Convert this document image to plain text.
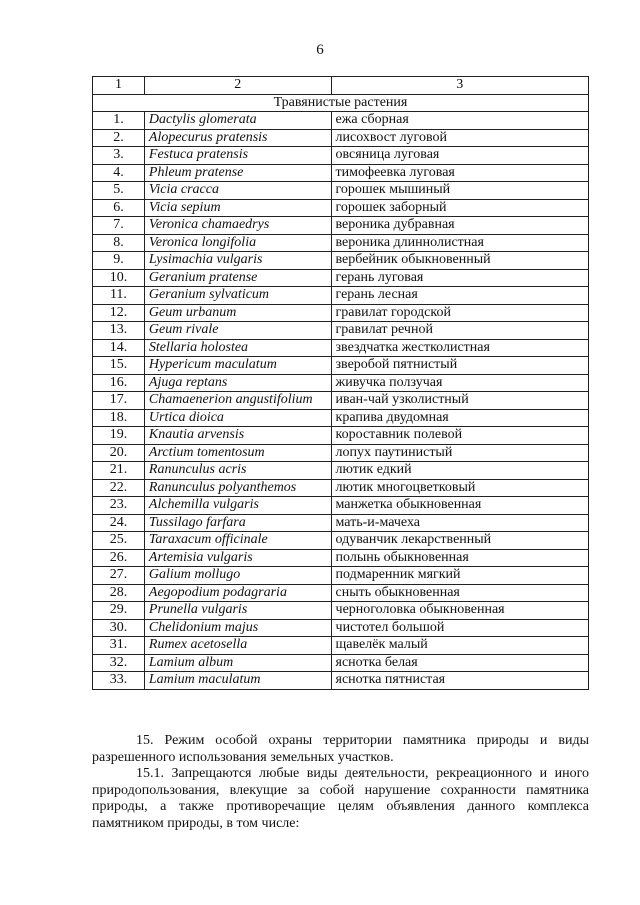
6
1	2	3
Травянистые растения		
1.	Dactylis glomerata	ежа сборная
2.	Alopecurus pratensis	лисохвост луговой
3.	Festuca pratensis	овсяница луговая
4.	Phleum pratense	тимофеевка луговая
5.	Vicia cracca	горошек мышиный
6.	Vicia sepium	горошек заборный
7.	Veronica chamaedrys	вероника дубравная
8.	Veronica longifolia	вероника длиннолистная
9.	Lysimachia vulgaris	вербейник обыкновенный
10.	Geranium pratense	герань луговая
11.	Geranium sylvaticum	герань лесная
12.	Geum urbanum	гравилат городской
13.	Geum rivale	гравилат речной
14.	Stellaria holostea	звездчатка жестколистная
15.	Hypericum maculatum	зверобой пятнистый
16.	Ajuga reptans	живучка ползучая
17.	Chamaenerion angustifolium	иван-чай узколистный
18.	Urtica dioica	крапива двудомная
19.	Knautia arvensis	короставник полевой
20.	Arctium tomentosum	лопух паутинистый
21.	Ranunculus acris	лютик едкий
22.	Ranunculus polyanthemos	лютик многоцветковый
23.	Alchemilla vulgaris	манжетка обыкновенная
24.	Tussilago farfara	мать-и-мачеха
25.	Taraxacum officinale	одуванчик лекарственный
26.	Artemisia vulgaris	полынь обыкновенная
27.	Galium mollugo	подмаренник мягкий
28.	Aegopodium podagraria	сныть обыкновенная
29.	Prunella vulgaris	черноголовка обыкновенная
30.	Chelidonium majus	чистотел большой
31.	Rumex acetosella	щавелёк малый
32.	Lamium album	яснотка белая
33.	Lamium maculatum	яснотка пятнистая

15. Режим особой охраны территории памятника природы и виды разрешенного использования земельных участков.

15.1. Запрещаются любые виды деятельности, рекреационного и иного природопользования, влекущие за собой нарушение сохранности памятника природы, а также противоречащие целям объявления данного комплекса памятником природы, в том числе:
